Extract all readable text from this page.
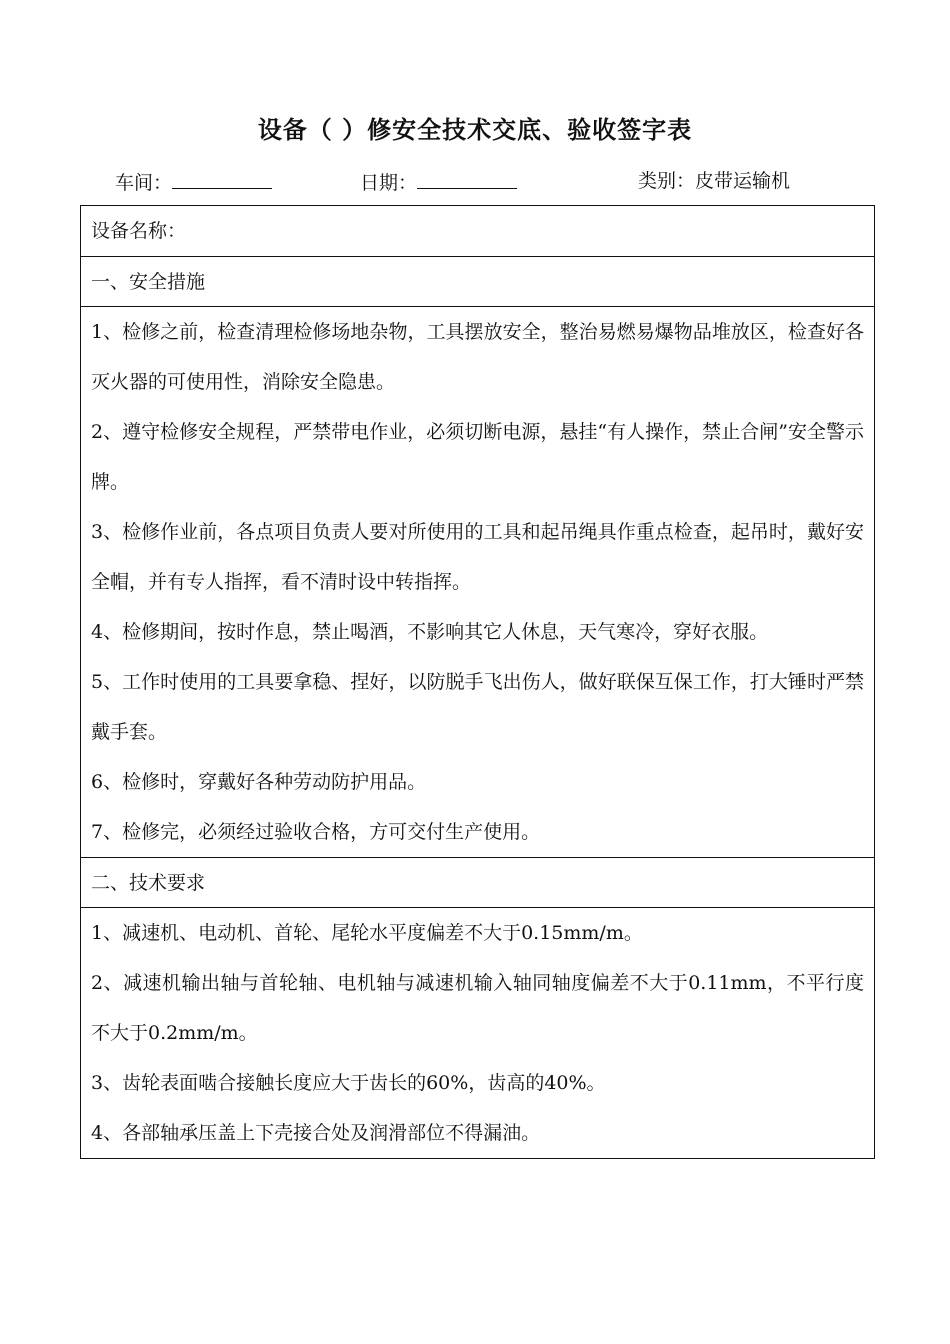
设备（ ）修安全技术交底、验收签字表
车间：	日期：	类别：皮带运输机
设备名称：
一、安全措施
1、检修之前，检查清理检修场地杂物，工具摆放安全，整治易燃易爆物品堆放区，检查好各灭火器的可使用性，消除安全隐患。
2、遵守检修安全规程，严禁带电作业，必须切断电源，悬挂“有人操作，禁止合闸”安全警示牌。
3、检修作业前，各点项目负责人要对所使用的工具和起吊绳具作重点检查，起吊时，戴好安全帽，并有专人指挥，看不清时设中转指挥。
4、检修期间，按时作息，禁止喝酒，不影响其它人休息，天气寒冷，穿好衣服。
5、工作时使用的工具要拿稳、捏好，以防脱手飞出伤人，做好联保互保工作，打大锤时严禁戴手套。
6、检修时，穿戴好各种劳动防护用品。
7、检修完，必须经过验收合格，方可交付生产使用。
二、技术要求
1、减速机、电动机、首轮、尾轮水平度偏差不大于0.15mm/m。
2、减速机输出轴与首轮轴、电机轴与减速机输入轴同轴度偏差不大于0.11mm，不平行度不大于0.2mm/m。
3、齿轮表面啮合接触长度应大于齿长的60%，齿高的40%。
4、各部轴承压盖上下壳接合处及润滑部位不得漏油。
